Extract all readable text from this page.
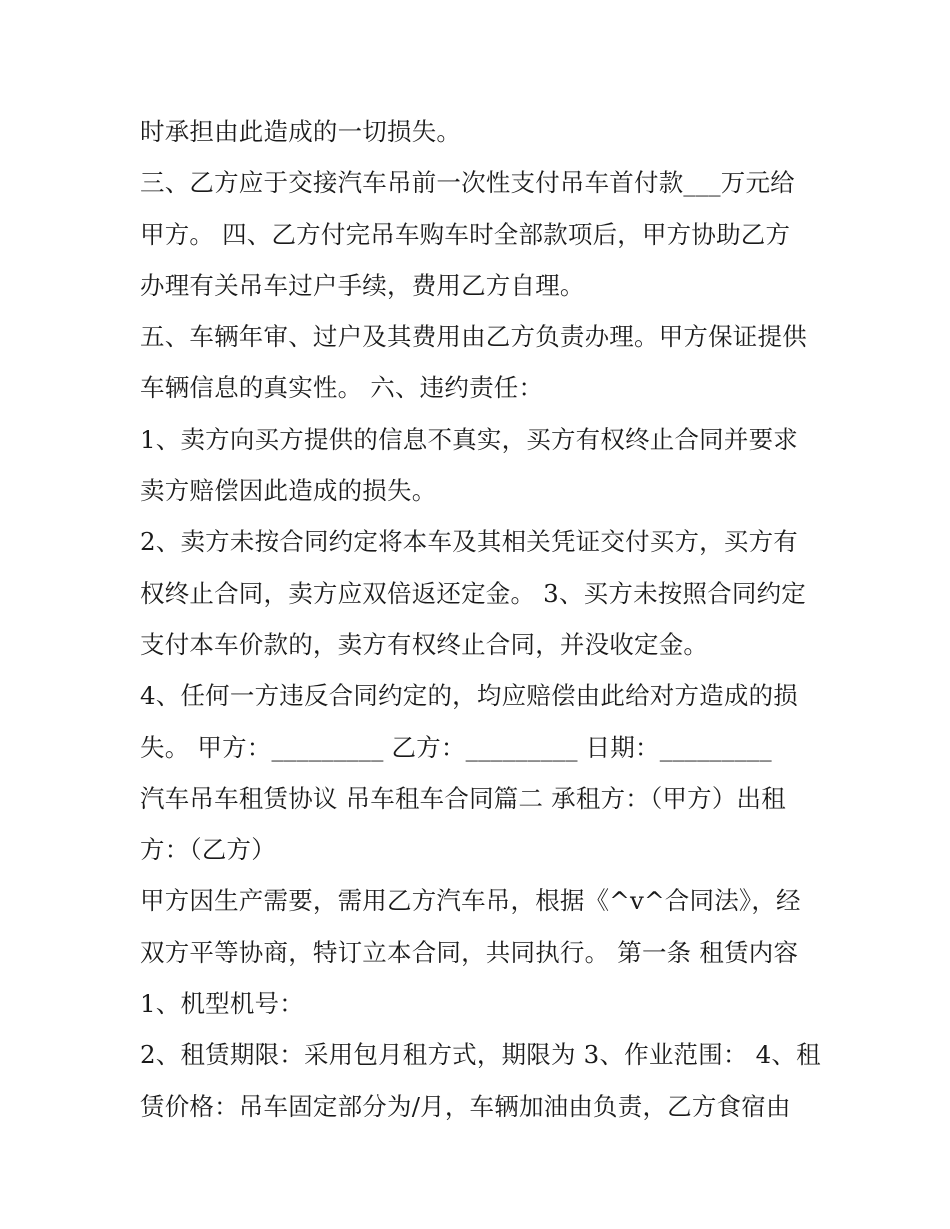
时承担由此造成的一切损失。
三、乙方应于交接汽车吊前一次性支付吊车首付款___万元给
甲方。 四、乙方付完吊车购车时全部款项后，甲方协助乙方
办理有关吊车过户手续，费用乙方自理。
五、车辆年审、过户及其费用由乙方负责办理。甲方保证提供
车辆信息的真实性。 六、违约责任：
1、卖方向买方提供的信息不真实，买方有权终止合同并要求
卖方赔偿因此造成的损失。
2、卖方未按合同约定将本车及其相关凭证交付买方，买方有
权终止合同，卖方应双倍返还定金。 3、买方未按照合同约定
支付本车价款的，卖方有权终止合同，并没收定金。
4、任何一方违反合同约定的，均应赔偿由此给对方造成的损
失。 甲方：_________ 乙方：_________ 日期：_________
汽车吊车租赁协议 吊车租车合同篇二 承租方：（甲方）出租
方：（乙方）
甲方因生产需要，需用乙方汽车吊，根据《^v^合同法》，经
双方平等协商，特订立本合同，共同执行。 第一条 租赁内容
1、机型机号：
2、租赁期限：采用包月租方式，期限为 3、作业范围： 4、租
赁价格：吊车固定部分为/月，车辆加油由负责，乙方食宿由
